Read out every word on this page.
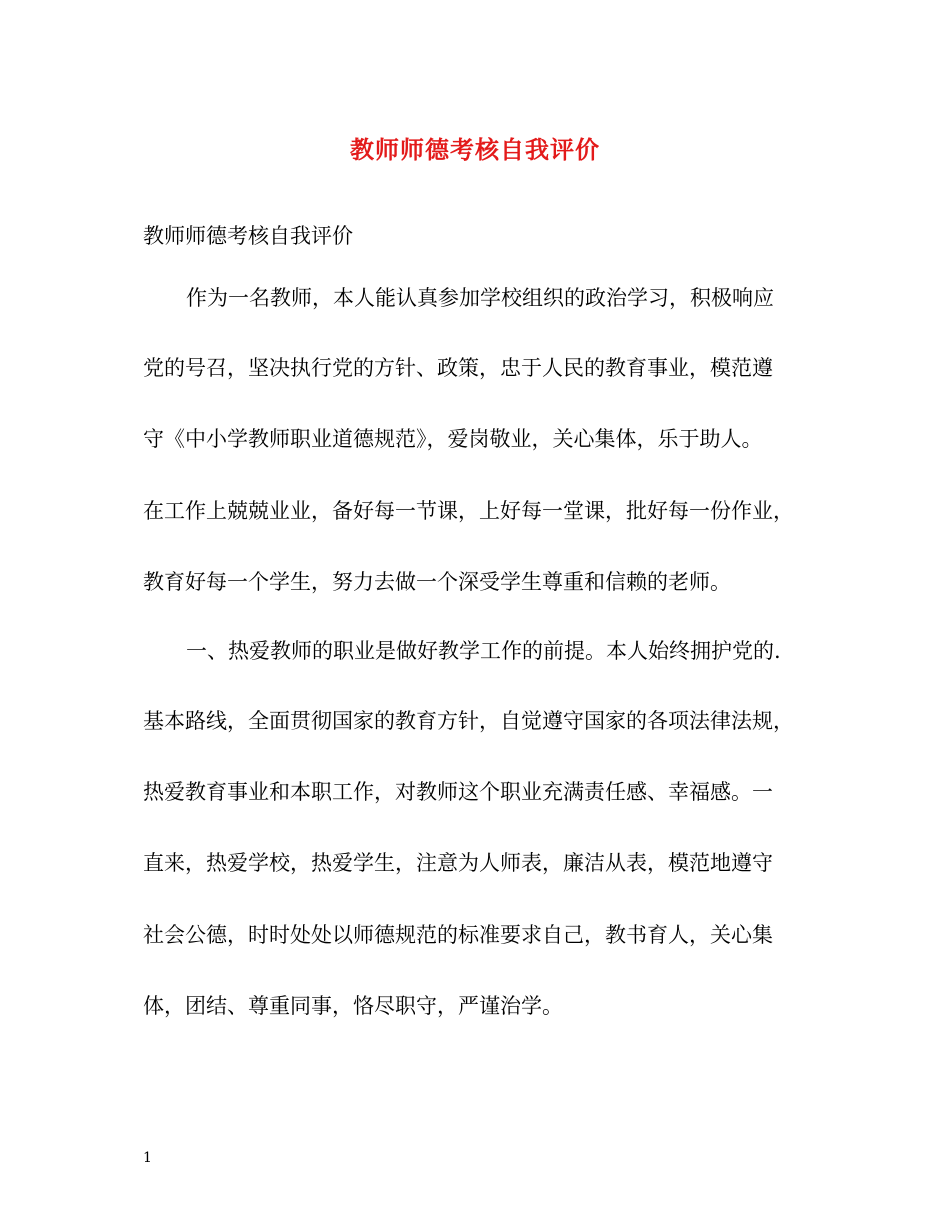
教师师德考核自我评价
教师师德考核自我评价
作为一名教师，本人能认真参加学校组织的政治学习，积极响应
党的号召，坚决执行党的方针、政策，忠于人民的教育事业，模范遵
守《中小学教师职业道德规范》，爱岗敬业，关心集体，乐于助人。
在工作上兢兢业业，备好每一节课，上好每一堂课，批好每一份作业，
教育好每一个学生，努力去做一个深受学生尊重和信赖的老师。
一、热爱教师的职业是做好教学工作的前提。本人始终拥护党的.
基本路线，全面贯彻国家的教育方针，自觉遵守国家的各项法律法规，
热爱教育事业和本职工作，对教师这个职业充满责任感、幸福感。一
直来，热爱学校，热爱学生，注意为人师表，廉洁从表，模范地遵守
社会公德，时时处处以师德规范的标准要求自己，教书育人，关心集
体，团结、尊重同事，恪尽职守，严谨治学。
1
